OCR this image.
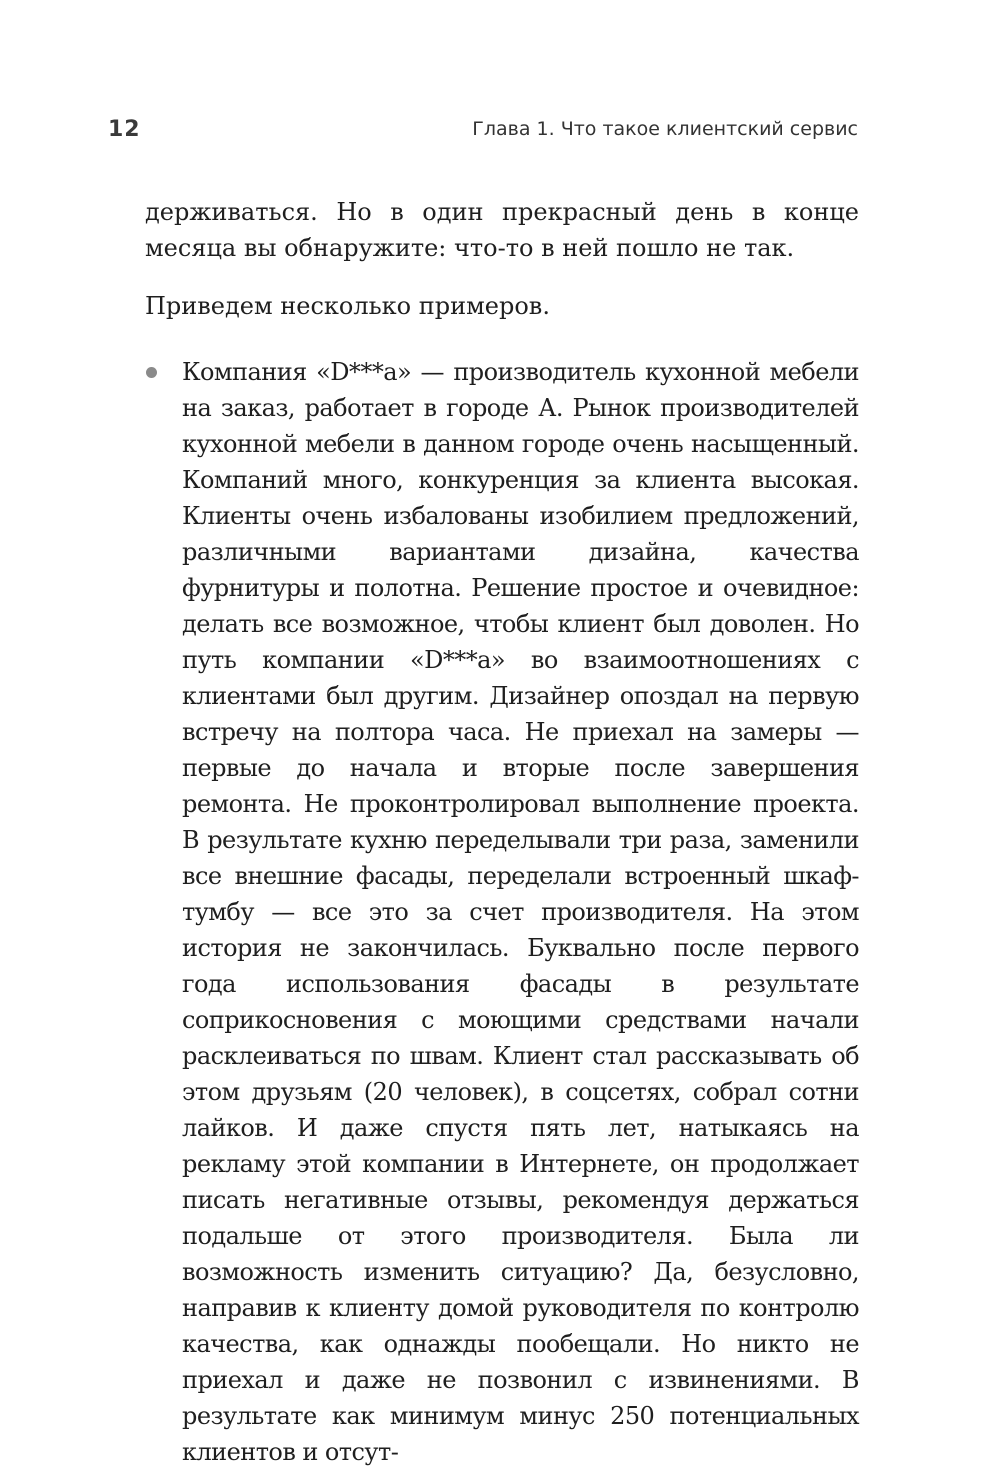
12	Глава 1. Что такое клиентский сервис

держиваться. Но в один прекрасный день в конце месяца вы обнаружите: что-то в ней пошло не так.

Приведем несколько примеров.

Компания «D***a» — производитель кухонной мебели на заказ, работает в городе А. Рынок производителей кухонной мебели в данном городе очень насыщенный. Компаний много, конкуренция за клиента высокая. Клиенты очень избалованы изобилием предложений, различными вариантами дизайна, качества фурнитуры и полотна. Решение простое и очевидное: делать все возможное, чтобы клиент был доволен. Но путь компании «D***a» во взаимоотношениях с клиентами был другим. Дизайнер опоздал на первую встречу на полтора часа. Не приехал на замеры — первые до начала и вторые после завершения ремонта. Не проконтролировал выполнение проекта. В результате кухню переделывали три раза, заменили все внешние фасады, переделали встроенный шкаф-тумбу — все это за счет производителя. На этом история не закончилась. Буквально после первого года использования фасады в результате соприкосновения с моющими средствами начали расклеиваться по швам. Клиент стал рассказывать об этом друзьям (20 человек), в соцсетях, собрал сотни лайков. И даже спустя пять лет, натыкаясь на рекламу этой компании в Интернете, он продолжает писать негативные отзывы, рекомендуя держаться подальше от этого производителя. Была ли возможность изменить ситуацию? Да, безусловно, направив к клиенту домой руководителя по контролю качества, как однажды пообещали. Но никто не приехал и даже не позвонил с извинениями. В результате как минимум минус 250 потенциальных клиентов и отсут-
